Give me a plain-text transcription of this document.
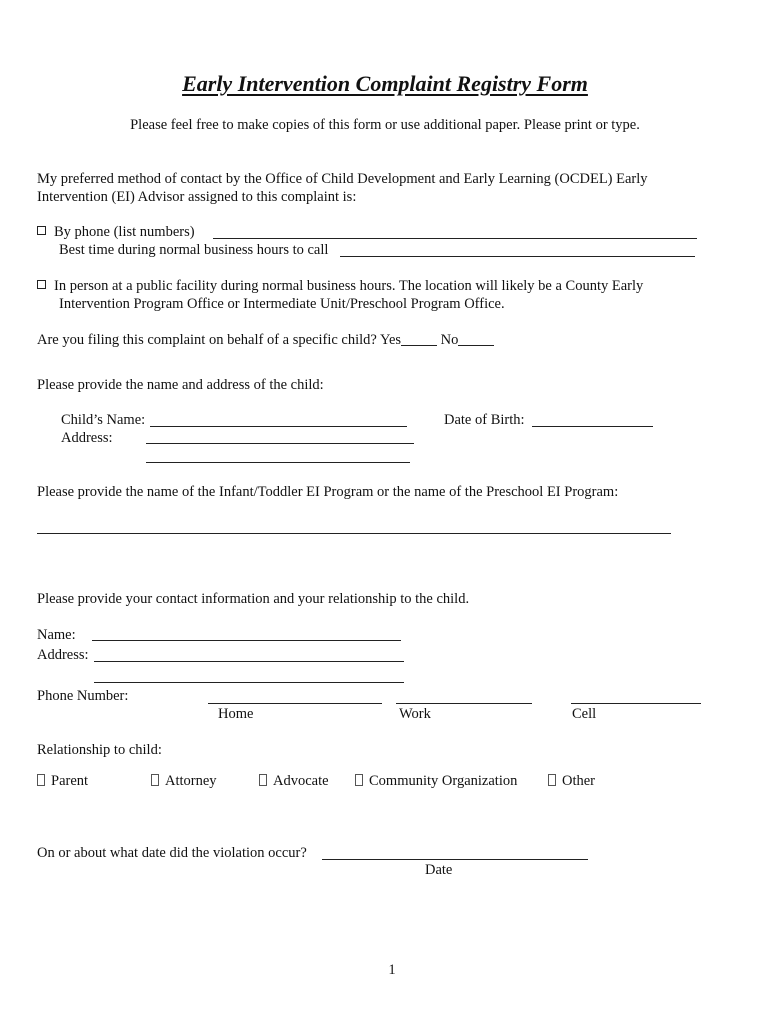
Early Intervention Complaint Registry Form
Please feel free to make copies of this form or use additional paper. Please print or type.
My preferred method of contact by the Office of Child Development and Early Learning (OCDEL) Early
Intervention (EI) Advisor assigned to this complaint is:
By phone (list numbers)
Best time during normal business hours to call
In person at a public facility during normal business hours. The location will likely be a County Early
Intervention Program Office or Intermediate Unit/Preschool Program Office.
Are you filing this complaint on behalf of a specific child? Yes	No
Please provide the name and address of the child:
Child’s Name:	Date of Birth:
Address:
Please provide the name of the Infant/Toddler EI Program or the name of the Preschool EI Program:
Please provide your contact information and your relationship to the child.
Name:
Address:
Phone Number:
Home	Work	Cell
Relationship to child:
Parent	Attorney	Advocate	Community Organization	Other
On or about what date did the violation occur?
Date
1
